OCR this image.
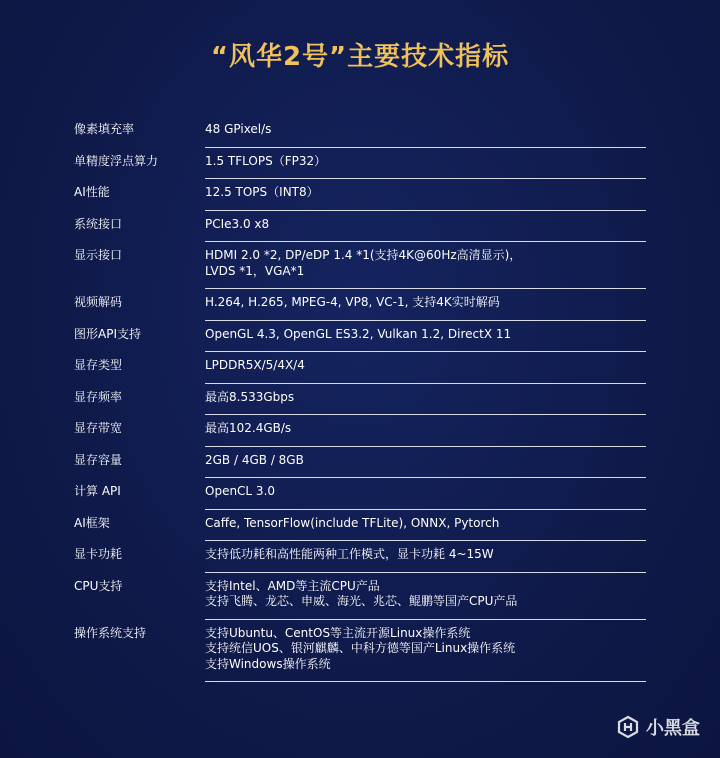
“风华2号”主要技术指标
像素填充率	48 GPixel/s
单精度浮点算力	1.5 TFLOPS（FP32）
AI性能	12.5 TOPS（INT8）
系统接口	PCIe3.0 x8
显示接口	HDMI 2.0 *2, DP/eDP 1.4 *1(支持4K@60Hz高清显示)，
LVDS *1，VGA*1
视频解码	H.264, H.265, MPEG-4, VP8, VC-1, 支持4K实时解码
图形API支持	OpenGL 4.3, OpenGL ES3.2, Vulkan 1.2, DirectX 11
显存类型	LPDDR5X/5/4X/4
显存频率	最高8.533Gbps
显存带宽	最高102.4GB/s
显存容量	2GB / 4GB / 8GB
计算 API	OpenCL 3.0
AI框架	Caffe, TensorFlow(include TFLite), ONNX, Pytorch
显卡功耗	支持低功耗和高性能两种工作模式，显卡功耗 4~15W
CPU支持	支持Intel、AMD等主流CPU产品
支持飞腾、龙芯、申威、海光、兆芯、鲲鹏等国产CPU产品
操作系统支持	支持Ubuntu、CentOS等主流开源Linux操作系统
支持统信UOS、银河麒麟、中科方德等国产Linux操作系统
支持Windows操作系统
小黑盒
